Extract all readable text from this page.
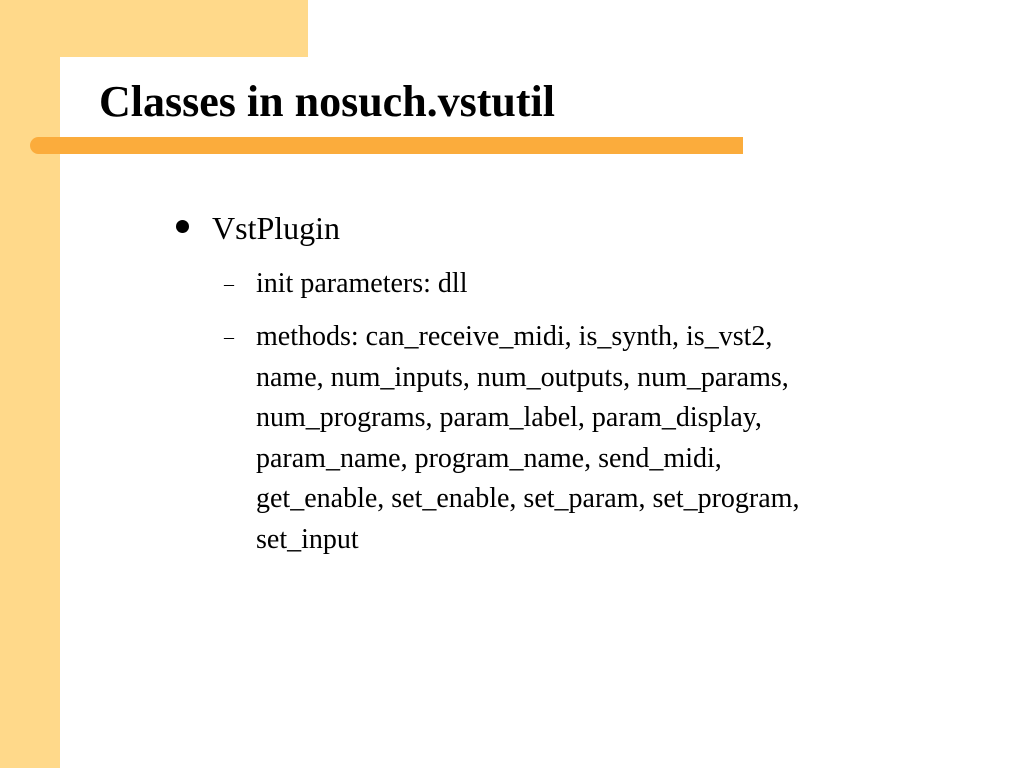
Classes in nosuch.vstutil
VstPlugin
– init parameters: dll
– methods: can_receive_midi, is_synth, is_vst2,
name, num_inputs, num_outputs, num_params,
num_programs, param_label, param_display,
param_name, program_name, send_midi,
get_enable, set_enable, set_param, set_program,
set_input
